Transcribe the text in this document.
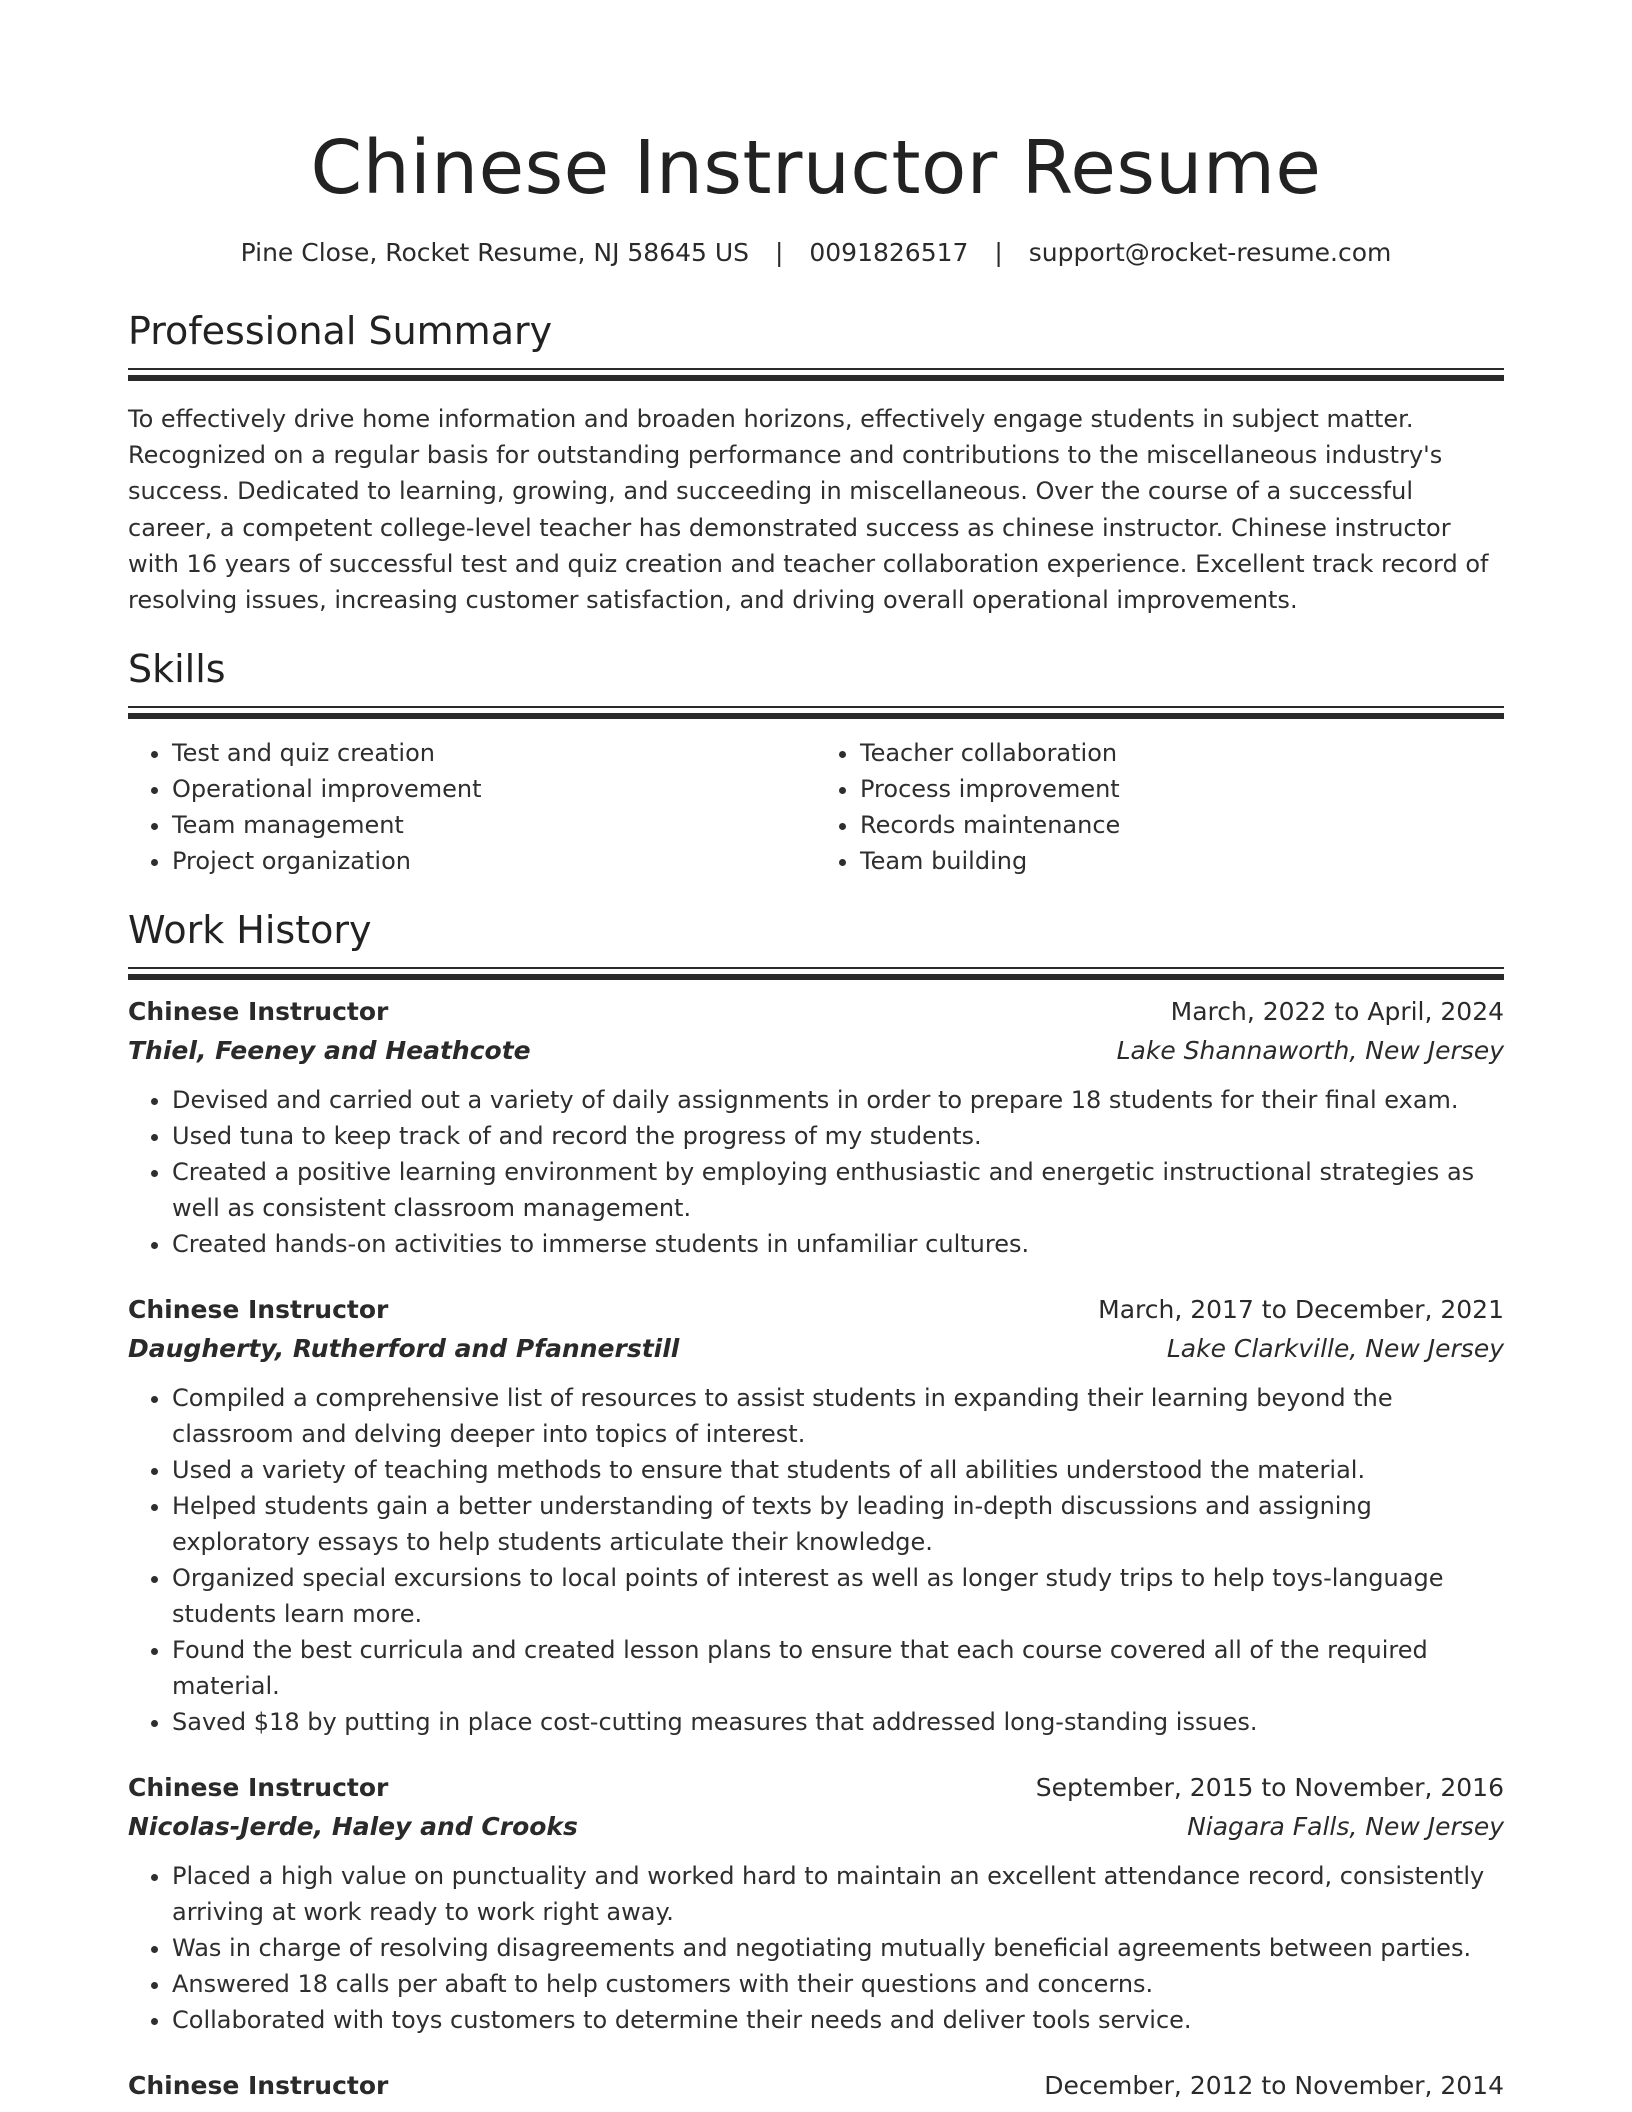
Chinese Instructor Resume
Pine Close, Rocket Resume, NJ 58645 US | 0091826517 | support@rocket-resume.com
Professional Summary

To effectively drive home information and broaden horizons, effectively engage students in subject matter. Recognized on a regular basis for outstanding performance and contributions to the miscellaneous industry's success. Dedicated to learning, growing, and succeeding in miscellaneous. Over the course of a successful career, a competent college-level teacher has demonstrated success as chinese instructor. Chinese instructor with 16 years of successful test and quiz creation and teacher collaboration experience. Excellent track record of resolving issues, increasing customer satisfaction, and driving overall operational improvements.

Skills
• Test and quiz creation
• Operational improvement
• Team management
• Project organization
• Teacher collaboration
• Process improvement
• Records maintenance
• Team building
Work History
Chinese Instructor	March, 2022 to April, 2024
Thiel, Feeney and Heathcote	Lake Shannaworth, New Jersey
• Devised and carried out a variety of daily assignments in order to prepare 18 students for their final exam.
• Used tuna to keep track of and record the progress of my students.
• Created a positive learning environment by employing enthusiastic and energetic instructional strategies as well as consistent classroom management.
• Created hands-on activities to immerse students in unfamiliar cultures.
Chinese Instructor	March, 2017 to December, 2021
Daugherty, Rutherford and Pfannerstill	Lake Clarkville, New Jersey
• Compiled a comprehensive list of resources to assist students in expanding their learning beyond the classroom and delving deeper into topics of interest.
• Used a variety of teaching methods to ensure that students of all abilities understood the material.
• Helped students gain a better understanding of texts by leading in-depth discussions and assigning exploratory essays to help students articulate their knowledge.
• Organized special excursions to local points of interest as well as longer study trips to help toys-language students learn more.
• Found the best curricula and created lesson plans to ensure that each course covered all of the required material.
• Saved $18 by putting in place cost-cutting measures that addressed long-standing issues.
Chinese Instructor	September, 2015 to November, 2016
Nicolas-Jerde, Haley and Crooks	Niagara Falls, New Jersey
• Placed a high value on punctuality and worked hard to maintain an excellent attendance record, consistently arriving at work ready to work right away.
• Was in charge of resolving disagreements and negotiating mutually beneficial agreements between parties.
• Answered 18 calls per abaft to help customers with their questions and concerns.
• Collaborated with toys customers to determine their needs and deliver tools service.
Chinese Instructor	December, 2012 to November, 2014
